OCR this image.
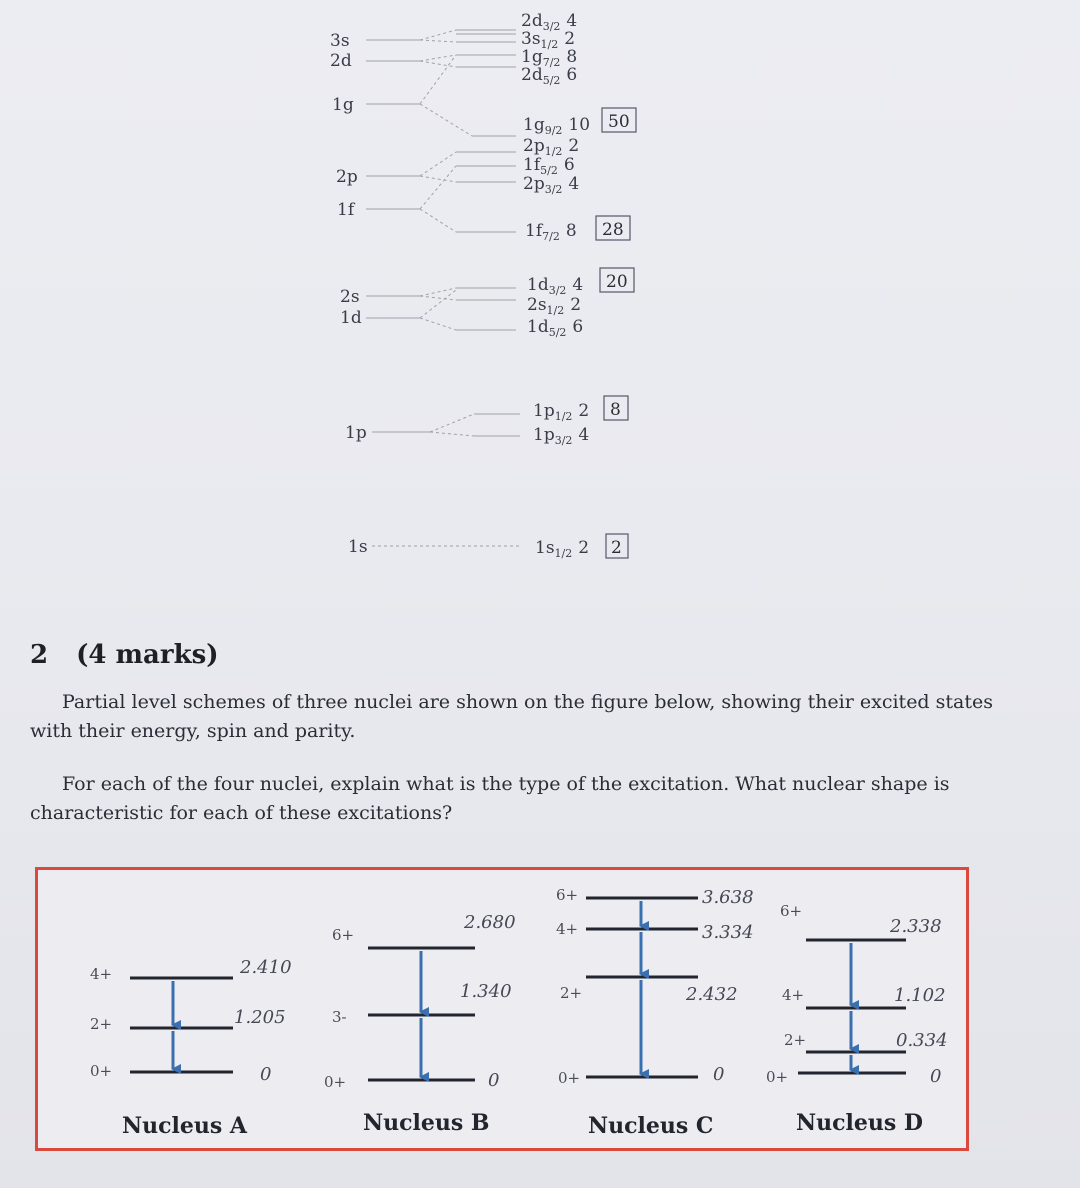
3s
2d
1g
2p
1f
2s
1d
1p
1s
$2d_{3/2}$ 4
$3s_{1/2}$ 2
$1g_{7/2}$ 8
$2d_{5/2}$ 6
$1g_{9/2}$ 10
$2p_{1/2}$ 2
$1f_{5/2}$ 6
$2p_{3/2}$ 4
$1f_{7/2}$ 8
$1d_{3/2}$ 4
$2s_{1/2}$ 2
$1d_{5/2}$ 6
$1p_{1/2}$ 2
$1p_{3/2}$ 4
$1s_{1/2}$ 2
50
28
20
8
2
2 (4 marks)

Partial level schemes of three nuclei are shown on the figure below, showing their excited states with their energy, spin and parity.

For each of the four nuclei, explain what is the type of the excitation. What nuclear shape is characteristic for each of these excitations?

4+
2+
0+
6+
3-
0+
6+
4+
2+
0+
6+
4+
2+
0+
2.410
1.205
0
2.680
1.340
0
3.638
3.334
2.432
0
2.338
1.102
0.334
0
Nucleus A	Nucleus B	Nucleus C	Nucleus D
